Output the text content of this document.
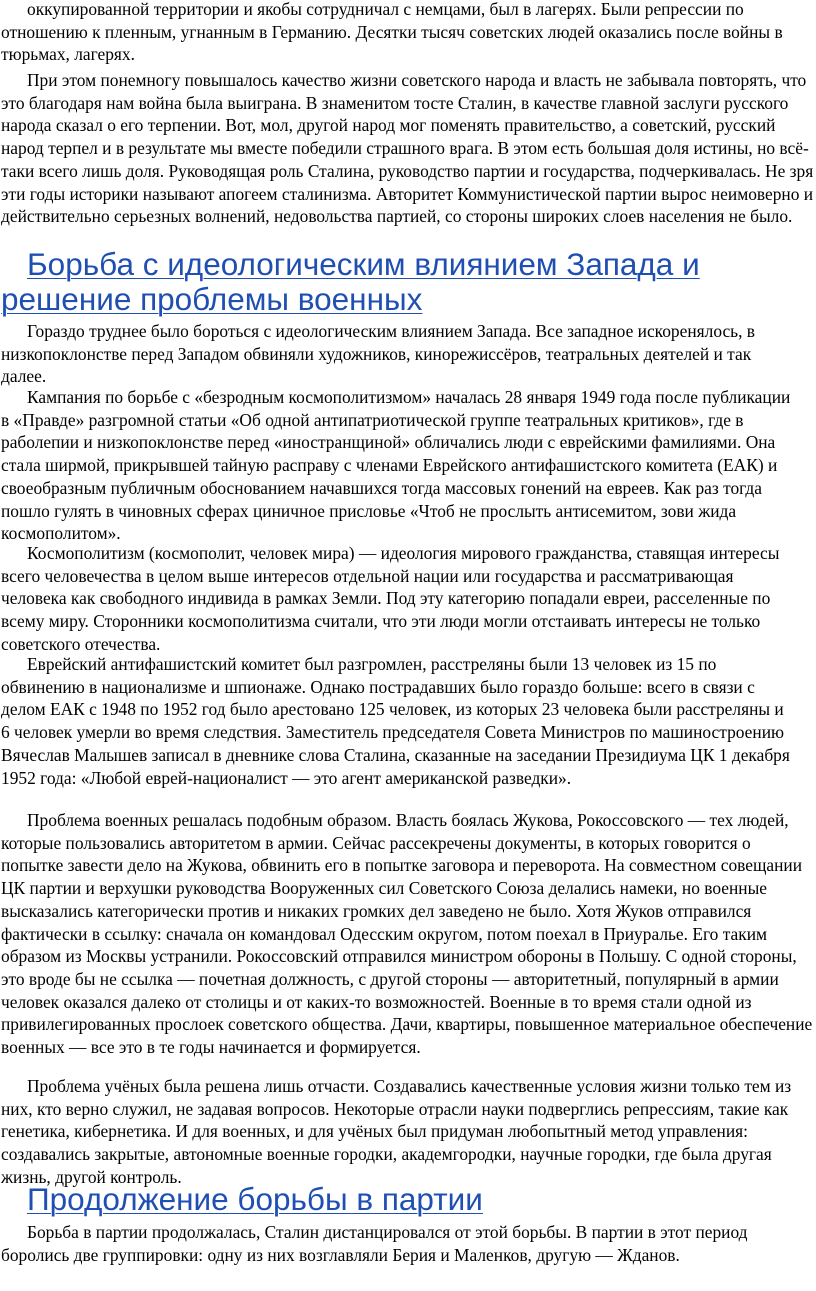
оккупированной территории и якобы сотрудничал с немцами, был в лагерях. Были репрессии по отношению к пленным, угнанным в Германию. Десятки тысяч советских людей оказались после войны в тюрьмах, лагерях.

При этом понемногу повышалось качество жизни советского народа и власть не забывала повторять, что это благодаря нам война была выиграна. В знаменитом тосте Сталин, в качестве главной заслуги русского народа сказал о его терпении. Вот, мол, другой народ мог поменять правительство, а советский, русский народ терпел и в результате мы вместе победили страшного врага. В этом есть большая доля истины, но всё-таки всего лишь доля. Руководящая роль Сталина, руководство партии и государства, подчеркивалась. Не зря эти годы историки называют апогеем сталинизма. Авторитет Коммунистической партии вырос неимоверно и действительно серьезных волнений, недовольства партией, со стороны широких слоев населения не было.

Борьба с идеологическим влиянием Запада и решение проблемы военных

Гораздо труднее было бороться с идеологическим влиянием Запада. Все западное искоренялось, в низкопоклонстве перед Западом обвиняли художников, кинорежиссёров, театральных деятелей и так далее.

Кампания по борьбе с «безродным космополитизмом» началась 28 января 1949 года после публикации в «Правде» разгромной статьи «Об одной антипатриотической группе театральных критиков», где в раболепии и низкопоклонстве перед «иностранщиной» обличались люди с еврейскими фамилиями. Она стала ширмой, прикрывшей тайную расправу с членами Еврейского антифашистского комитета (ЕАК) и своеобразным публичным обоснованием начавшихся тогда массовых гонений на евреев. Как раз тогда пошло гулять в чиновных сферах циничное присловье «Чтоб не прослыть антисемитом, зови жида космополитом».

Космополитизм (космополит, человек мира) — идеология мирового гражданства, ставящая интересы всего человечества в целом выше интересов отдельной нации или государства и рассматривающая человека как свободного индивида в рамках Земли. Под эту категорию попадали евреи, расселенные по всему миру. Сторонники космополитизма считали, что эти люди могли отстаивать интересы не только советского отечества.

Еврейский антифашистский комитет был разгромлен, расстреляны были 13 человек из 15 по обвинению в национализме и шпионаже. Однако пострадавших было гораздо больше: всего в связи с делом ЕАК с 1948 по 1952 год было арестовано 125 человек, из которых 23 человека были расстреляны и 6 человек умерли во время следствия. Заместитель председателя Совета Министров по машиностроению Вячеслав Малышев записал в дневнике слова Сталина, сказанные на заседании Президиума ЦК 1 декабря 1952 года: «Любой еврей-националист — это агент американской разведки».

Проблема военных решалась подобным образом. Власть боялась Жукова, Рокоссовского — тех людей, которые пользовались авторитетом в армии. Сейчас рассекречены документы, в которых говорится о попытке завести дело на Жукова, обвинить его в попытке заговора и переворота. На совместном совещании ЦК партии и верхушки руководства Вооруженных сил Советского Союза делались намеки, но военные высказались категорически против и никаких громких дел заведено не было. Хотя Жуков отправился фактически в ссылку: сначала он командовал Одесским округом, потом поехал в Приуралье. Его таким образом из Москвы устранили. Рокоссовский отправился министром обороны в Польшу. С одной стороны, это вроде бы не ссылка — почетная должность, с другой стороны — авторитетный, популярный в армии человек оказался далеко от столицы и от каких-то возможностей. Военные в то время стали одной из привилегированных прослоек советского общества. Дачи, квартиры, повышенное материальное обеспечение военных — все это в те годы начинается и формируется.

Проблема учёных была решена лишь отчасти. Создавались качественные условия жизни только тем из них, кто верно служил, не задавая вопросов. Некоторые отрасли науки подверглись репрессиям, такие как генетика, кибернетика. И для военных, и для учёных был придуман любопытный метод управления: создавались закрытые, автономные военные городки, академгородки, научные городки, где была другая жизнь, другой контроль.

Продолжение борьбы в партии

Борьба в партии продолжалась, Сталин дистанцировался от этой борьбы. В партии в этот период боролись две группировки: одну из них возглавляли Берия и Маленков, другую — Жданов.
